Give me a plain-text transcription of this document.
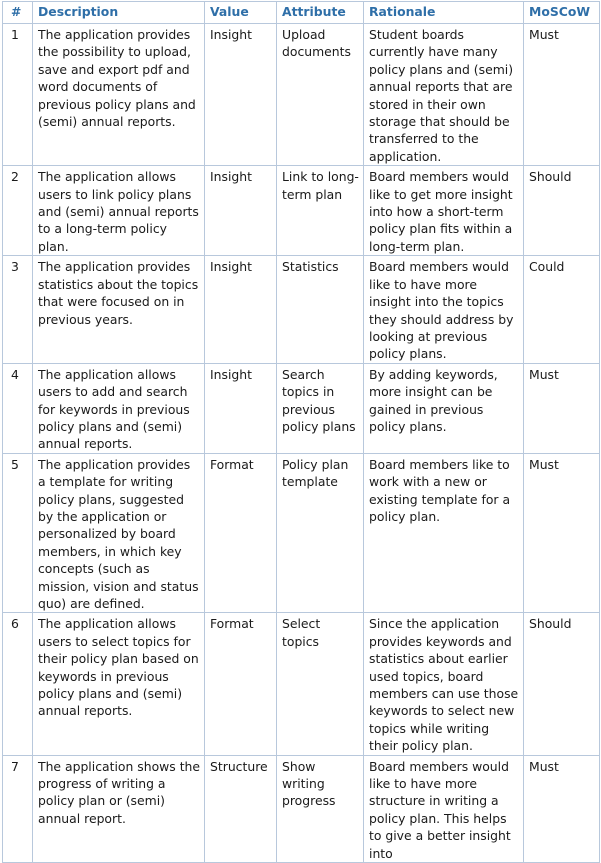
#	Description	Value	Attribute	Rationale	MoSCoW
1	The application provides the possibility to upload, save and export pdf and word documents of previous policy plans and (semi) annual reports.	Insight	Upload documents	Student boards currently have many policy plans and (semi) annual reports that are stored in their own storage that should be transferred to the application.	Must
2	The application allows users to link policy plans and (semi) annual reports to a long-term policy plan.	Insight	Link to long-term plan	Board members would like to get more insight into how a short-term policy plan fits within a long-term plan.	Should
3	The application provides statistics about the topics that were focused on in previous years.	Insight	Statistics	Board members would like to have more insight into the topics they should address by looking at previous policy plans.	Could
4	The application allows users to add and search for keywords in previous policy plans and (semi) annual reports.	Insight	Search topics in previous policy plans	By adding keywords, more insight can be gained in previous policy plans.	Must
5	The application provides a template for writing policy plans, suggested by the application or personalized by board members, in which key concepts (such as mission, vision and status quo) are defined.	Format	Policy plan template	Board members like to work with a new or existing template for a policy plan.	Must
6	The application allows users to select topics for their policy plan based on keywords in previous policy plans and (semi) annual reports.	Format	Select topics	Since the application provides keywords and statistics about earlier used topics, board members can use those keywords to select new topics while writing their policy plan.	Should
7	The application shows the progress of writing a policy plan or (semi) annual report.	Structure	Show writing progress	Board members would like to have more structure in writing a policy plan. This helps to give a better insight into	Must
